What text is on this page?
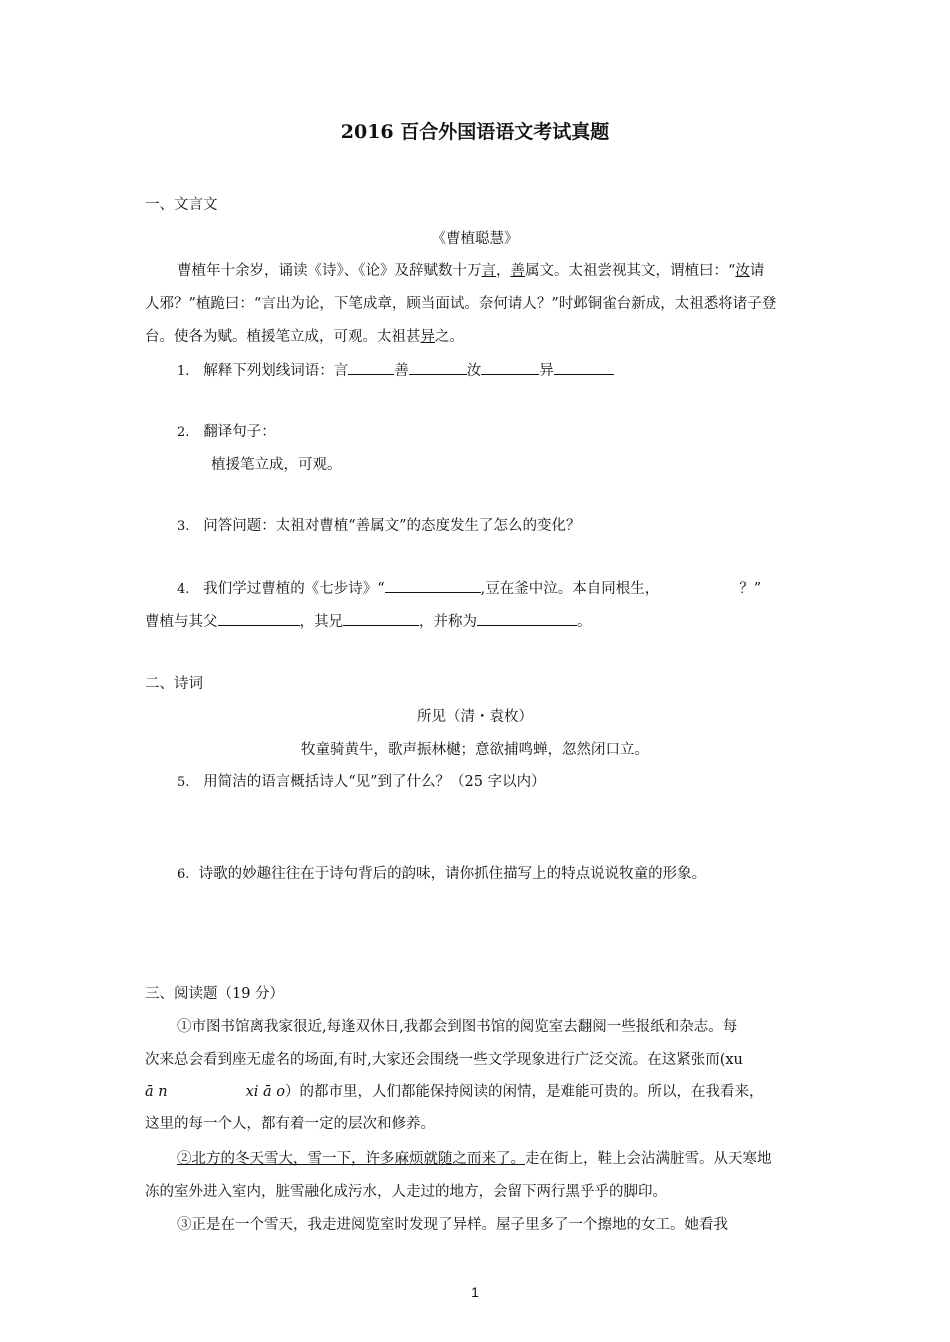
2016 百合外国语语文考试真题
一、文言文
《曹植聪慧》
曹植年十余岁，诵读《诗》、《论》及辞赋数十万言，善属文。太祖尝视其文，谓植曰：“汝请
人邪？”植跪曰：“言出为论，下笔成章，顾当面试。奈何请人？”时邺铜雀台新成，太祖悉将诸子登
台。使各为赋。植援笔立成，可观。太祖甚异之。
1. 解释下列划线词语：言	善	汝	异
2. 翻译句子：
植援笔立成，可观。
3. 问答问题：太祖对曹植“善属文”的态度发生了怎么的变化？
4. 我们学过曹植的《七步诗》“	,豆在釜中泣。本自同根生，	？”
曹植与其父	，其兄	，并称为	。
二、诗词
所见（清・袁枚）
牧童骑黄牛，歌声振林樾；意欲捕鸣蝉，忽然闭口立。
5. 用简洁的语言概括诗人“见”到了什么？（25 字以内）
6. 诗歌的妙趣往往在于诗句背后的韵味，请你抓住描写上的特点说说牧童的形象。
三、阅读题（19 分）
①市图书馆离我家很近,每逢双休日,我都会到图书馆的阅览室去翻阅一些报纸和杂志。每
次来总会看到座无虚名的场面,有时,大家还会围绕一些文学现象进行广泛交流。在这紧张而(xu
ā n	xi ā o）的都市里，人们都能保持阅读的闲情，是难能可贵的。所以，在我看来，
这里的每一个人，都有着一定的层次和修养。
②北方的冬天雪大，雪一下，许多麻烦就随之而来了。走在街上，鞋上会沾满脏雪。从天寒地
冻的室外进入室内，脏雪融化成污水，人走过的地方，会留下两行黑乎乎的脚印。
③正是在一个雪天，我走进阅览室时发现了异样。屋子里多了一个擦地的女工。她看我
1
